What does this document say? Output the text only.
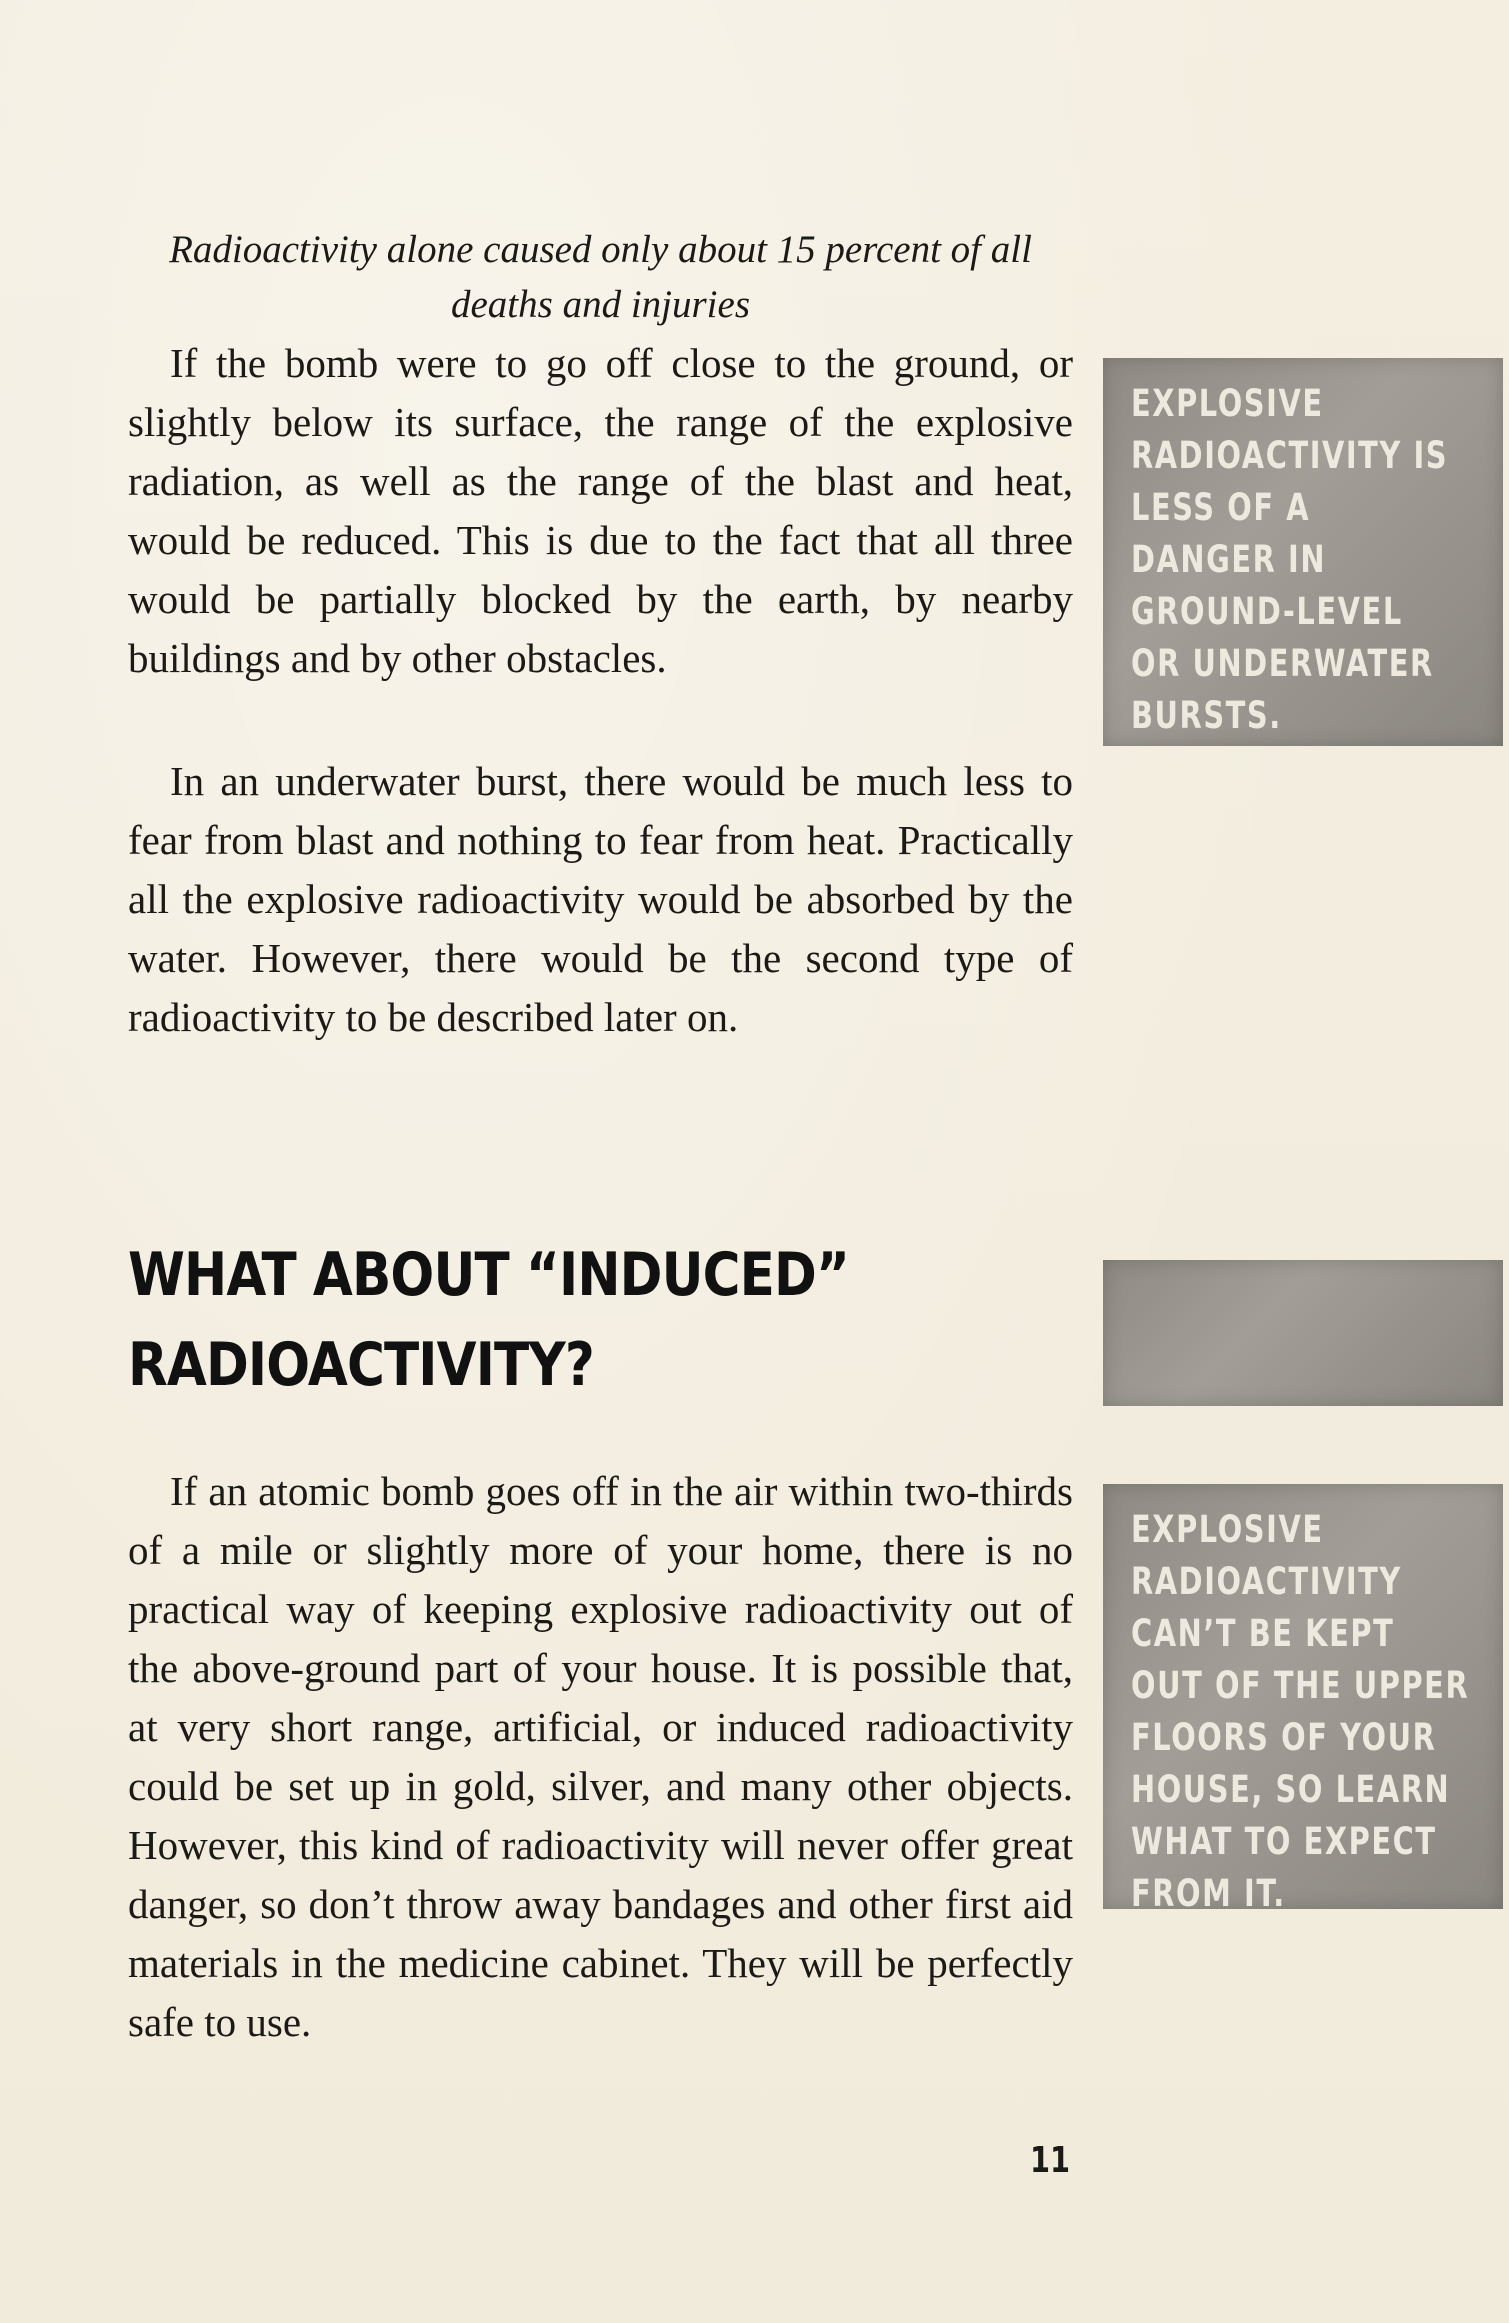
Radioactivity alone caused only about 15 percent of all deaths and injuries

If the bomb were to go off close to the ground, or slightly below its surface, the range of the explosive radiation, as well as the range of the blast and heat, would be reduced. This is due to the fact that all three would be partially blocked by the earth, by nearby buildings and by other obstacles.

In an underwater burst, there would be much less to fear from blast and nothing to fear from heat. Practically all the explosive radioactivity would be absorbed by the water. However, there would be the second type of radioactivity to be described later on.

WHAT ABOUT “INDUCED” RADIOACTIVITY?

If an atomic bomb goes off in the air within two-thirds of a mile or slightly more of your home, there is no practical way of keeping explosive radioactivity out of the above-ground part of your house. It is possible that, at very short range, artificial, or induced radioactivity could be set up in gold, silver, and many other objects. However, this kind of radioactivity will never offer great danger, so don’t throw away bandages and other first aid materials in the medicine cabinet. They will be perfectly safe to use.

EXPLOSIVE
RADIOACTIVITY IS
LESS OF A
DANGER IN
GROUND-LEVEL
OR UNDERWATER
BURSTS.

EXPLOSIVE
RADIOACTIVITY
CAN’T BE KEPT
OUT OF THE UPPER
FLOORS OF YOUR
HOUSE, SO LEARN
WHAT TO EXPECT
FROM IT.

11
